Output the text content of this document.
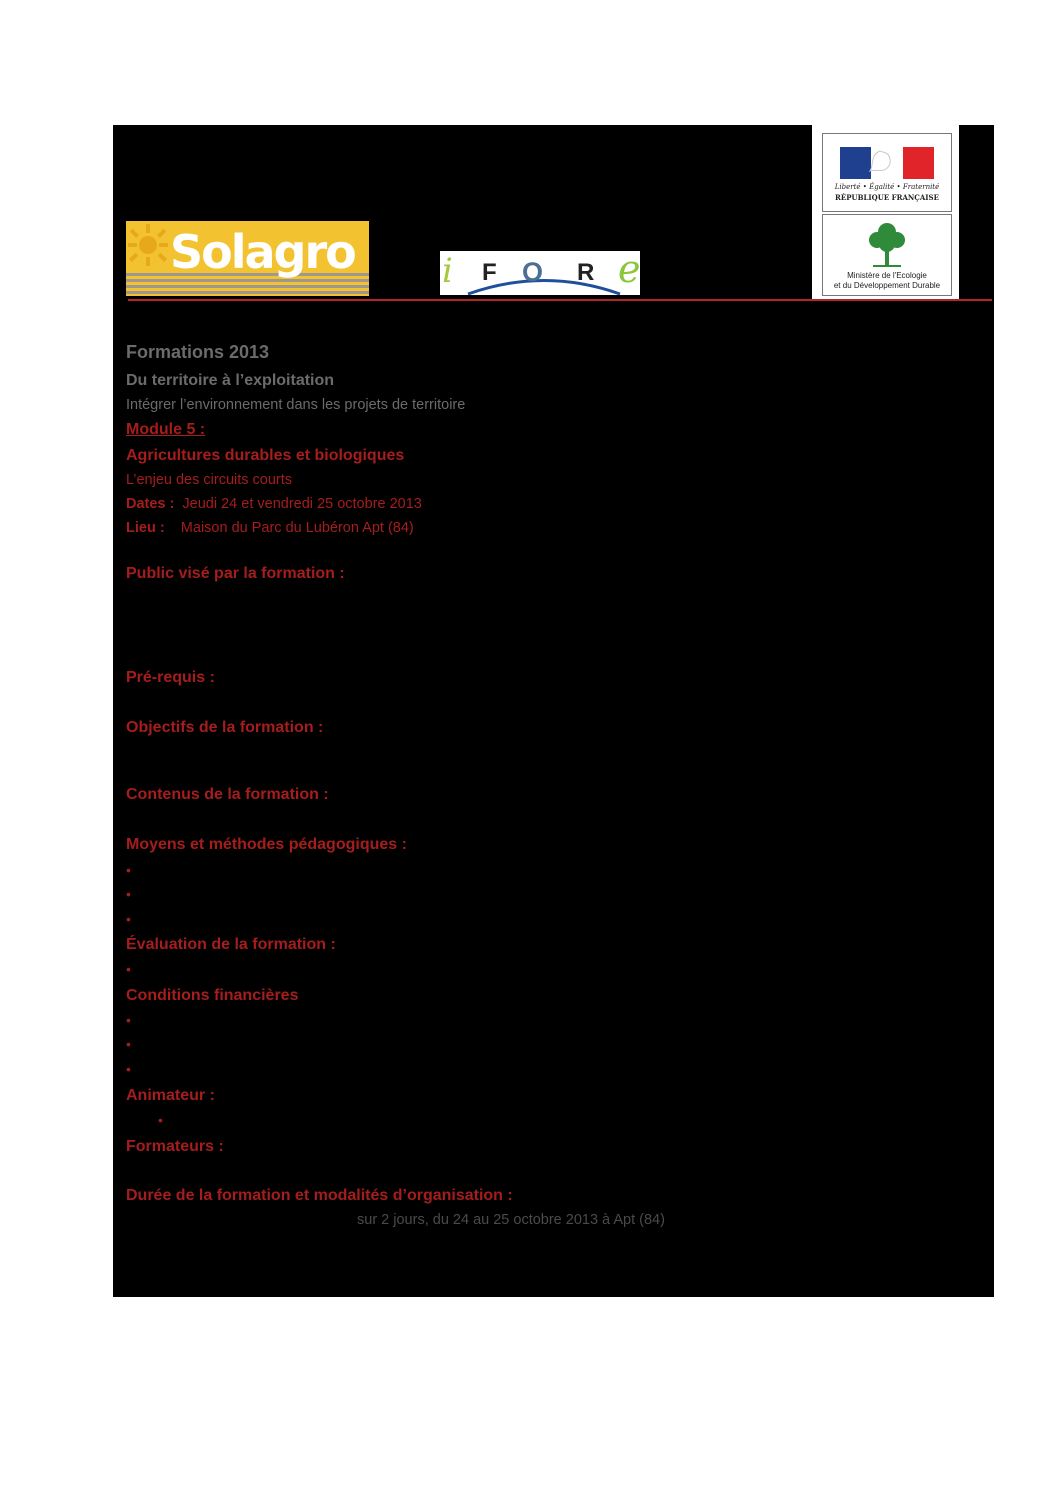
Solagro	i F O R e
Liberté • Égalité • Fraternité
RÉPUBLIQUE FRANÇAISE
Ministère de l'Ecologie
et du Développement Durable
Formations 2013
Du territoire à l’exploitation
Intégrer l’environnement dans les projets de territoire
Module 5 :
Agricultures durables et biologiques
L’enjeu des circuits courts
Dates : Jeudi 24 et vendredi 25 octobre 2013
Lieu : Maison du Parc du Lubéron Apt (84)
Public visé par la formation :
Pré-requis :
Objectifs de la formation :
Contenus de la formation :
Moyens et méthodes pédagogiques :
•
•
•
Évaluation de la formation :
•
Conditions financières
•
•
•
Animateur :
•
Formateurs :
Durée de la formation et modalités d’organisation :
sur 2 jours, du 24 au 25 octobre 2013 à Apt (84)
